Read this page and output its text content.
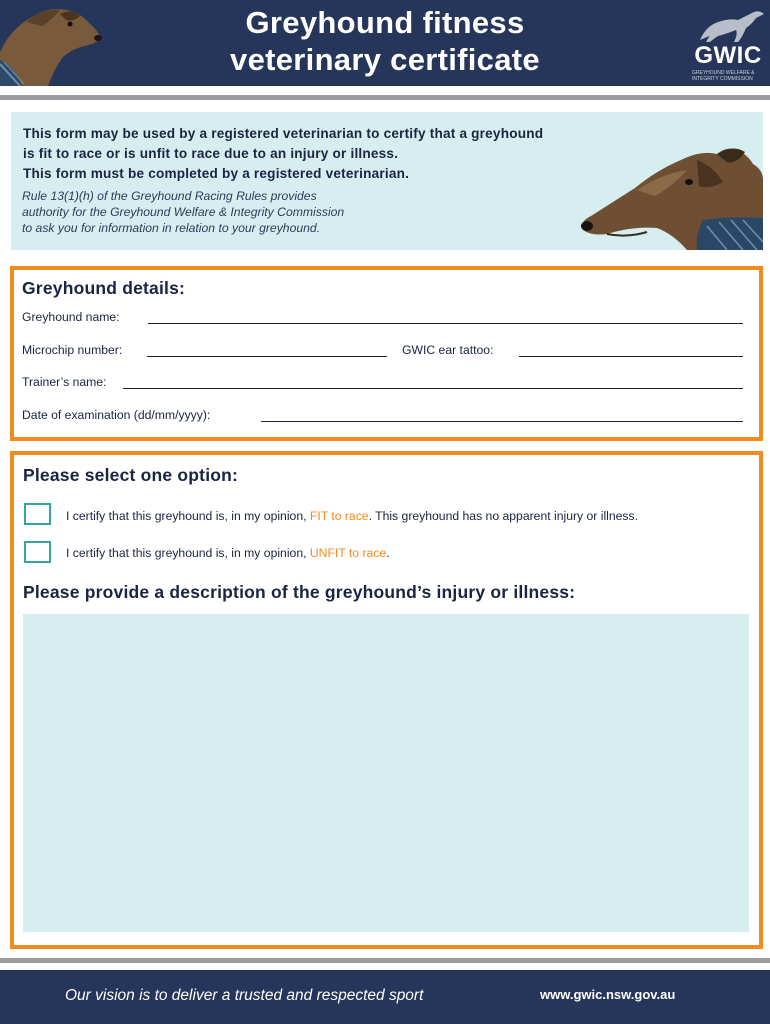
Greyhound fitness
veterinary certificate	GWIC
GREYHOUND WELFARE & INTEGRITY COMMISSION
This form may be used by a registered veterinarian to certify that a greyhound
is fit to race or is unfit to race due to an injury or illness.
This form must be completed by a registered veterinarian.
Rule 13(1)(h) of the Greyhound Racing Rules provides
authority for the Greyhound Welfare & Integrity Commission
to ask you for information in relation to your greyhound.
Greyhound details:
Greyhound name:
Microchip number:	GWIC ear tattoo:
Trainer’s name:
Date of examination (dd/mm/yyyy):
Please select one option:
I certify that this greyhound is, in my opinion, FIT to race. This greyhound has no apparent injury or illness.
I certify that this greyhound is, in my opinion, UNFIT to race.
Please provide a description of the greyhound’s injury or illness:
Our vision is to deliver a trusted and respected sport	www.gwic.nsw.gov.au
